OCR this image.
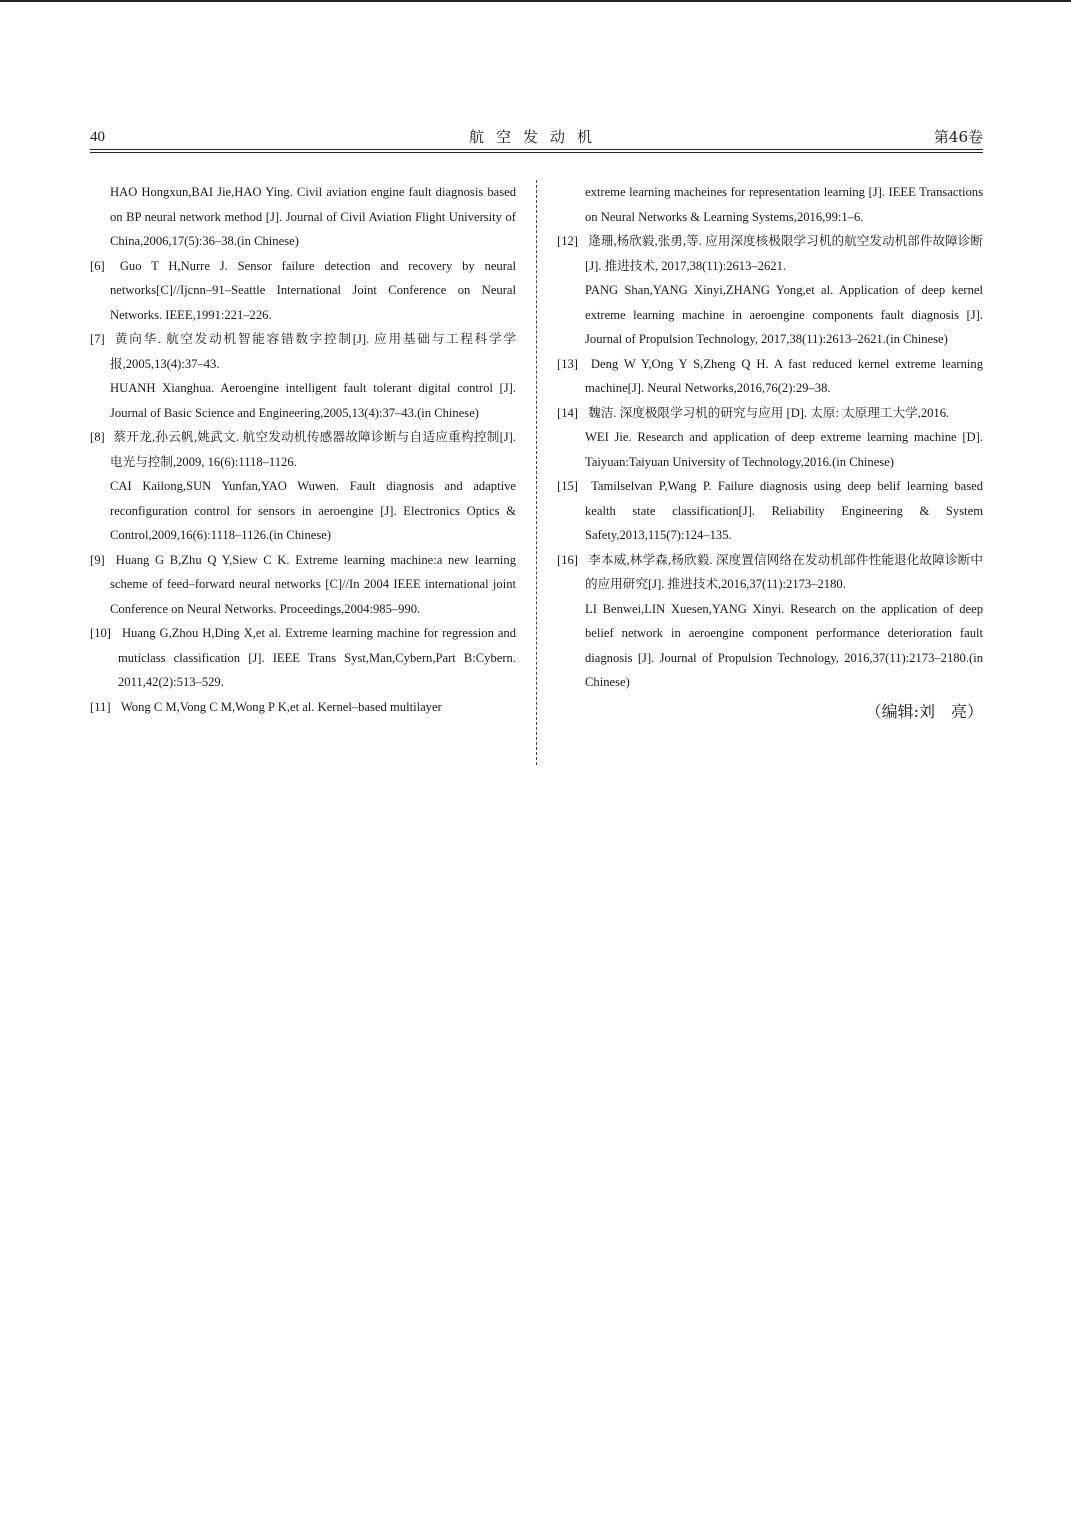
40	航空发动机	第46卷
HAO Hongxun,BAI Jie,HAO Ying. Civil aviation engine fault diagnosis based on BP neural network method [J]. Journal of Civil Aviation Flight University of China,2006,17(5):36–38.(in Chinese)
[6] Guo T H,Nurre J. Sensor failure detection and recovery by neural networks[C]//Ijcnn–91–Seattle International Joint Conference on Neural Networks. IEEE,1991:221–226.
[7] 黄向华. 航空发动机智能容错数字控制[J]. 应用基础与工程科学学报,2005,13(4):37–43.
HUANH Xianghua. Aeroengine intelligent fault tolerant digital control [J]. Journal of Basic Science and Engineering,2005,13(4):37–43.(in Chinese)
[8] 蔡开龙,孙云帆,姚武文. 航空发动机传感器故障诊断与自适应重构控制[J]. 电光与控制,2009, 16(6):1118–1126.
CAI Kailong,SUN Yunfan,YAO Wuwen. Fault diagnosis and adaptive reconfiguration control for sensors in aeroengine [J]. Electronics Optics & Control,2009,16(6):1118–1126.(in Chinese)
[9] Huang G B,Zhu Q Y,Siew C K. Extreme learning machine:a new learning scheme of feed–forward neural networks [C]//In 2004 IEEE international joint Conference on Neural Networks. Proceedings,2004:985–990.
[10] Huang G,Zhou H,Ding X,et al. Extreme learning machine for regression and muticlass classification [J]. IEEE Trans Syst,Man,Cybern,Part B:Cybern. 2011,42(2):513–529.
[11] Wong C M,Vong C M,Wong P K,et al. Kernel–based multilayer
extreme learning macheines for representation learning [J]. IEEE Transactions on Neural Networks & Learning Systems,2016,99:1–6.
[12] 逄珊,杨欣毅,张勇,等. 应用深度核极限学习机的航空发动机部件故障诊断[J]. 推进技术, 2017,38(11):2613–2621.
PANG Shan,YANG Xinyi,ZHANG Yong,et al. Application of deep kernel extreme learning machine in aeroengine components fault diagnosis [J]. Journal of Propulsion Technology, 2017,38(11):2613–2621.(in Chinese)
[13] Deng W Y,Ong Y S,Zheng Q H. A fast reduced kernel extreme learning machine[J]. Neural Networks,2016,76(2):29–38.
[14] 魏洁. 深度极限学习机的研究与应用 [D]. 太原: 太原理工大学,2016.
WEI Jie. Research and application of deep extreme learning machine [D]. Taiyuan:Taiyuan University of Technology,2016.(in Chinese)
[15] Tamilselvan P,Wang P. Failure diagnosis using deep belif learning based kealth state classification[J]. Reliability Engineering & System Safety,2013,115(7):124–135.
[16] 李本威,林学森,杨欣毅. 深度置信网络在发动机部件性能退化故障诊断中的应用研究[J]. 推进技术,2016,37(11):2173–2180.
LI Benwei,LIN Xuesen,YANG Xinyi. Research on the application of deep belief network in aeroengine component performance deterioration fault diagnosis [J]. Journal of Propulsion Technology, 2016,37(11):2173–2180.(in Chinese)
（编辑:刘　亮）
